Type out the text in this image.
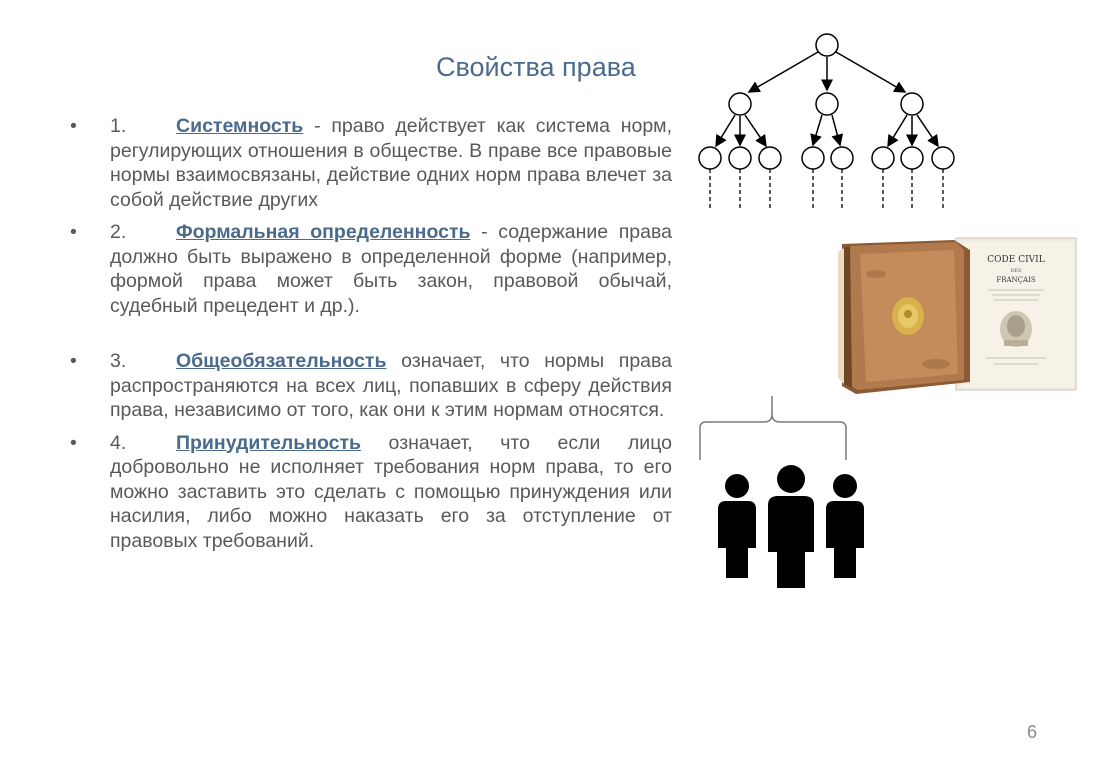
Свойства права
• 1.	Системность - право действует как система норм, регулирующих отношения в обществе. В праве все правовые нормы взаимосвязаны, действие одних норм права влечет за собой действие других
• 2.	Формальная определенность - содержание права должно быть выражено в определенной форме (например, формой права может быть закон, правовой обычай, судебный прецедент и др.).
• 3.	Общеобязательность означает, что нормы права распространяются на всех лиц, попавших в сферу действия права, независимо от того, как они к этим нормам относятся.
• 4.	Принудительность означает, что если лицо добровольно не исполняет требования норм права, то его можно заставить это сделать с помощью принуждения или насилия, либо можно наказать его за отступление от правовых требований.
CODE CIVIL
DES
FRANÇAIS
6
